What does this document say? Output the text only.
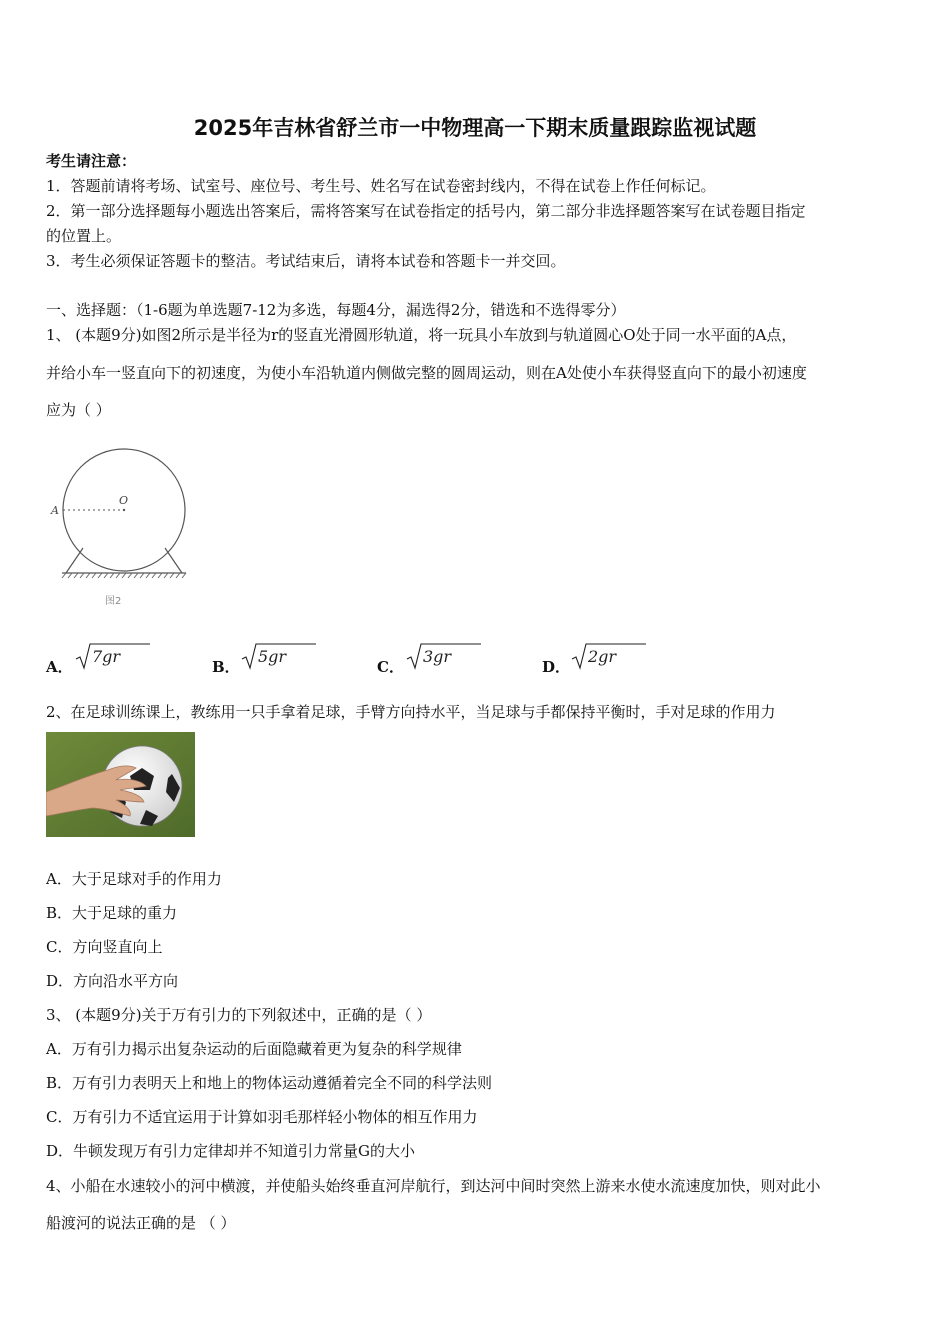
2025年吉林省舒兰市一中物理高一下期末质量跟踪监视试题
考生请注意：
1．答题前请将考场、试室号、座位号、考生号、姓名写在试卷密封线内，不得在试卷上作任何标记。
2．第一部分选择题每小题选出答案后，需将答案写在试卷指定的括号内，第二部分非选择题答案写在试卷题目指定
的位置上。
3．考生必须保证答题卡的整洁。考试结束后，请将本试卷和答题卡一并交回。
一、选择题：（1-6题为单选题7-12为多选，每题4分，漏选得2分，错选和不选得零分）
1、 (本题9分)如图2所示是半径为r的竖直光滑圆形轨道，将一玩具小车放到与轨道圆心O处于同一水平面的A点，
并给小车一竖直向下的初速度，为使小车沿轨道内侧做完整的圆周运动，则在A处使小车获得竖直向下的最小初速度
应为（ ）
A
O
图2
A．
7gr
B．
5gr
C．
3gr
D．
2gr
2、在足球训练课上，教练用一只手拿着足球，手臂方向持水平，当足球与手都保持平衡时，手对足球的作用力
A．大于足球对手的作用力
B．大于足球的重力
C．方向竖直向上
D．方向沿水平方向
3、 (本题9分)关于万有引力的下列叙述中，正确的是（ ）
A．万有引力揭示出复杂运动的后面隐藏着更为复杂的科学规律
B．万有引力表明天上和地上的物体运动遵循着完全不同的科学法则
C．万有引力不适宜运用于计算如羽毛那样轻小物体的相互作用力
D．牛顿发现万有引力定律却并不知道引力常量G的大小
4、小船在水速较小的河中横渡，并使船头始终垂直河岸航行，到达河中间时突然上游来水使水流速度加快，则对此小
船渡河的说法正确的是 （ ）
